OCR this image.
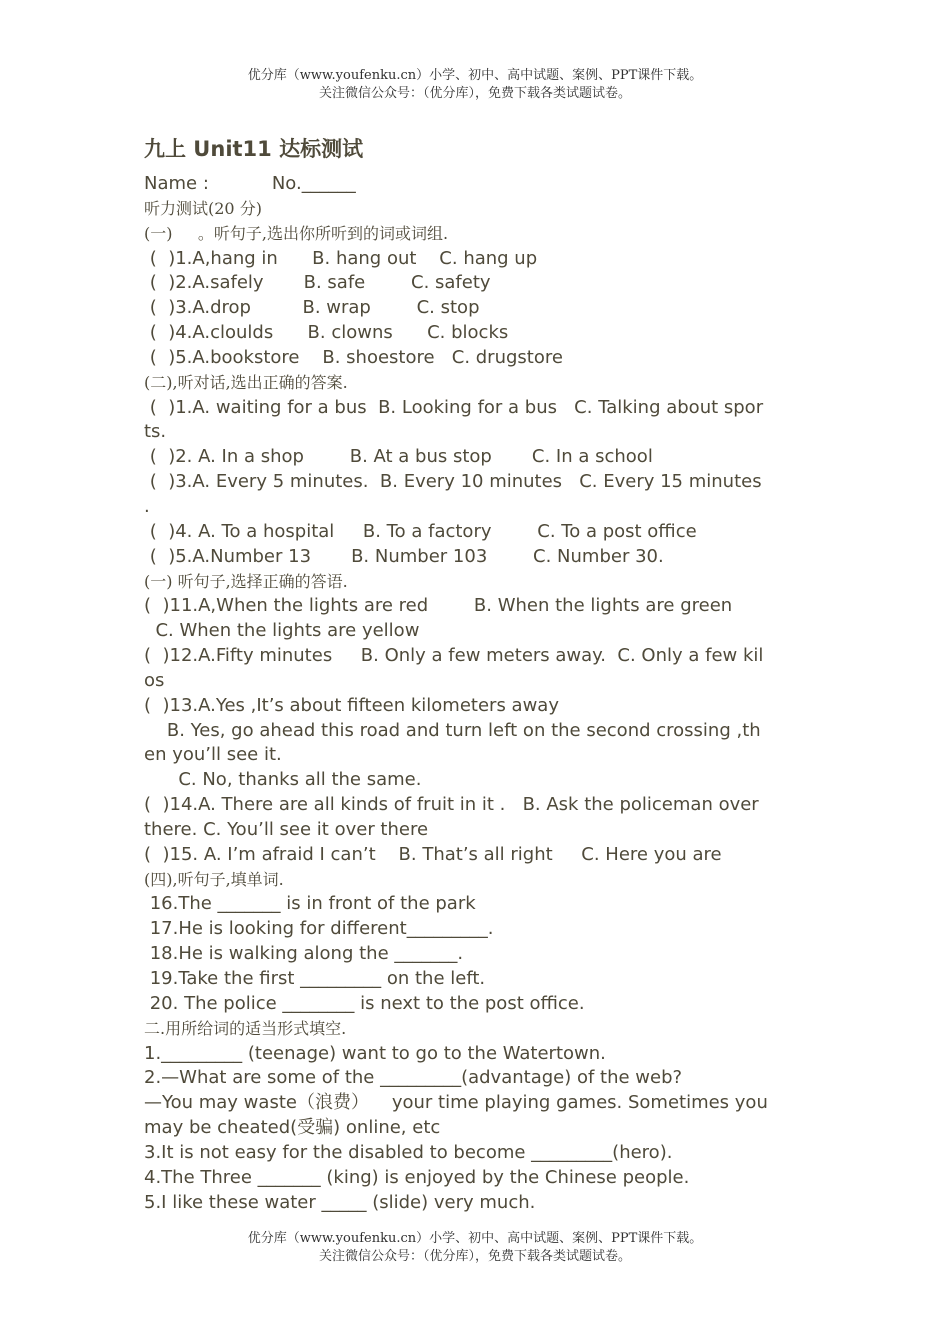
优分库（www.youfenku.cn）小学、初中、高中试题、案例、PPT课件下载。
关注微信公众号：（优分库），免费下载各类试题试卷。
九上 Unit11 达标测试
Name :           No.______
听力测试(20 分)
(一)     。听句子,选出你所听到的词或词组.
(  )1.A,hang in      B. hang out    C. hang up
(  )2.A.safely       B. safe        C. safety
(  )3.A.drop         B. wrap        C. stop
(  )4.A.cloulds      B. clowns      C. blocks
(  )5.A.bookstore    B. shoestore   C. drugstore
(二),听对话,选出正确的答案.
(  )1.A. waiting for a bus  B. Looking for a bus   C. Talking about spor
ts.
(  )2. A. In a shop        B. At a bus stop       C. In a school
(  )3.A. Every 5 minutes.  B. Every 10 minutes   C. Every 15 minutes
.
(  )4. A. To a hospital     B. To a factory        C. To a post office
(  )5.A.Number 13       B. Number 103        C. Number 30.
(一) 听句子,选择正确的答语.
(  )11.A,When the lights are red        B. When the lights are green
C. When the lights are yellow
(  )12.A.Fifty minutes     B. Only a few meters away.  C. Only a few kil
os
(  )13.A.Yes ,It’s about fifteen kilometers away
B. Yes, go ahead this road and turn left on the second crossing ,th
en you’ll see it.
C. No, thanks all the same.
(  )14.A. There are all kinds of fruit in it .   B. Ask the policeman over
there. C. You’ll see it over there
(  )15. A. I’m afraid I can’t    B. That’s all right     C. Here you are
(四),听句子,填单词.
16.The _______ is in front of the park
17.He is looking for different_________.
18.He is walking along the _______.
19.Take the first _________ on the left.
20. The police ________ is next to the post office.
二.用所给词的适当形式填空.
1._________ (teenage) want to go to the Watertown.
2.—What are some of the _________(advantage) of the web?
—You may waste（浪费）    your time playing games. Sometimes you
may be cheated(受骗) online, etc
3.It is not easy for the disabled to become _________(hero).
4.The Three _______ (king) is enjoyed by the Chinese people.
5.I like these water _____ (slide) very much.
优分库（www.youfenku.cn）小学、初中、高中试题、案例、PPT课件下载。
关注微信公众号：（优分库），免费下载各类试题试卷。
